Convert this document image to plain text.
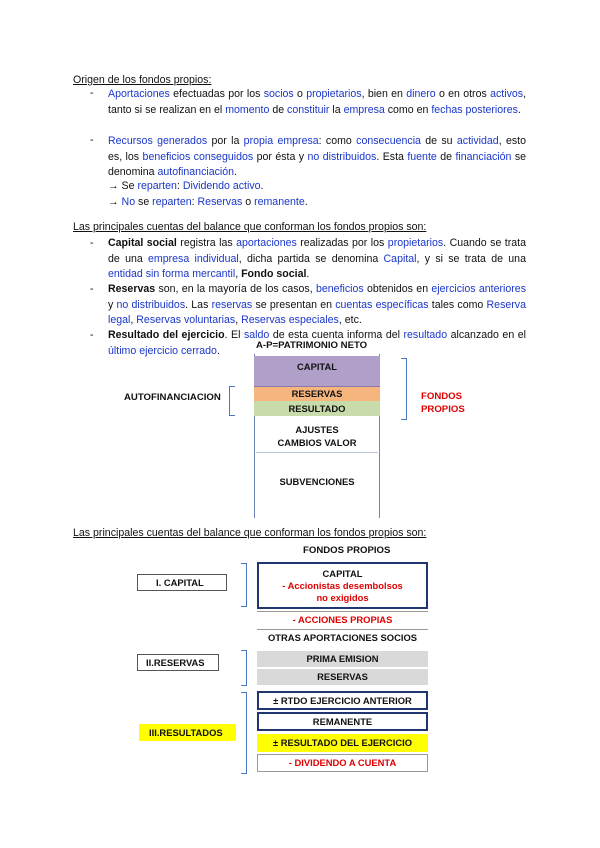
Origen de los fondos propios:
- Aportaciones efectuadas por los socios o propietarios, bien en dinero o en otros activos, tanto si se realizan en el momento de constituir la empresa como en fechas posteriores.
- Recursos generados por la propia empresa: como consecuencia de su actividad, esto es, los beneficios conseguidos por ésta y no distribuidos. Esta fuente de financiación se denomina autofinanciación.
→ Se reparten: Dividendo activo.
→ No se reparten: Reservas o remanente.
Las principales cuentas del balance que conforman los fondos propios son:
- Capital social registra las aportaciones realizadas por los propietarios. Cuando se trata de una empresa individual, dicha partida se denomina Capital, y si se trata de una entidad sin forma mercantil, Fondo social.
- Reservas son, en la mayoría de los casos, beneficios obtenidos en ejercicios anteriores y no distribuidos. Las reservas se presentan en cuentas específicas tales como Reserva legal, Reservas voluntarias, Reservas especiales, etc.
- Resultado del ejercicio. El saldo de esta cuenta informa del resultado alcanzado en el último ejercicio cerrado.	A-P=PATRIMONIO NETO
CAPITAL
RESERVAS
RESULTADO
AJUSTES CAMBIOS VALOR
SUBVENCIONES
AUTOFINANCIACION	FONDOS PROPIOS
Las principales cuentas del balance que conforman los fondos propios son:
FONDOS PROPIOS
CAPITAL
- Accionistas desembolsos no exigidos
- ACCIONES PROPIAS
OTRAS APORTACIONES SOCIOS
PRIMA EMISION
RESERVAS
± RTDO EJERCICIO ANTERIOR
REMANENTE
± RESULTADO DEL EJERCICIO
- DIVIDENDO A CUENTA
I. CAPITAL
II.RESERVAS
III.RESULTADOS
